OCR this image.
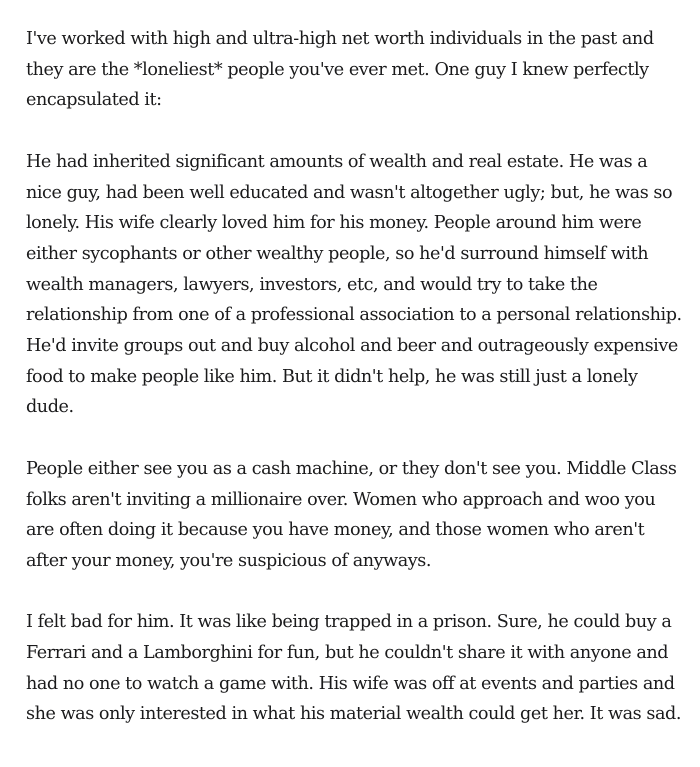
I've worked with high and ultra-high net worth individuals in the past and they are the *loneliest* people you've ever met. One guy I knew perfectly encapsulated it:

He had inherited significant amounts of wealth and real estate. He was a nice guy, had been well educated and wasn't altogether ugly; but, he was so lonely. His wife clearly loved him for his money. People around him were either sycophants or other wealthy people, so he'd surround himself with wealth managers, lawyers, investors, etc, and would try to take the relationship from one of a professional association to a personal relationship. He'd invite groups out and buy alcohol and beer and outrageously expensive food to make people like him. But it didn't help, he was still just a lonely dude.

People either see you as a cash machine, or they don't see you. Middle Class folks aren't inviting a millionaire over. Women who approach and woo you are often doing it because you have money, and those women who aren't after your money, you're suspicious of anyways.

I felt bad for him. It was like being trapped in a prison. Sure, he could buy a Ferrari and a Lamborghini for fun, but he couldn't share it with anyone and had no one to watch a game with. His wife was off at events and parties and she was only interested in what his material wealth could get her. It was sad.
